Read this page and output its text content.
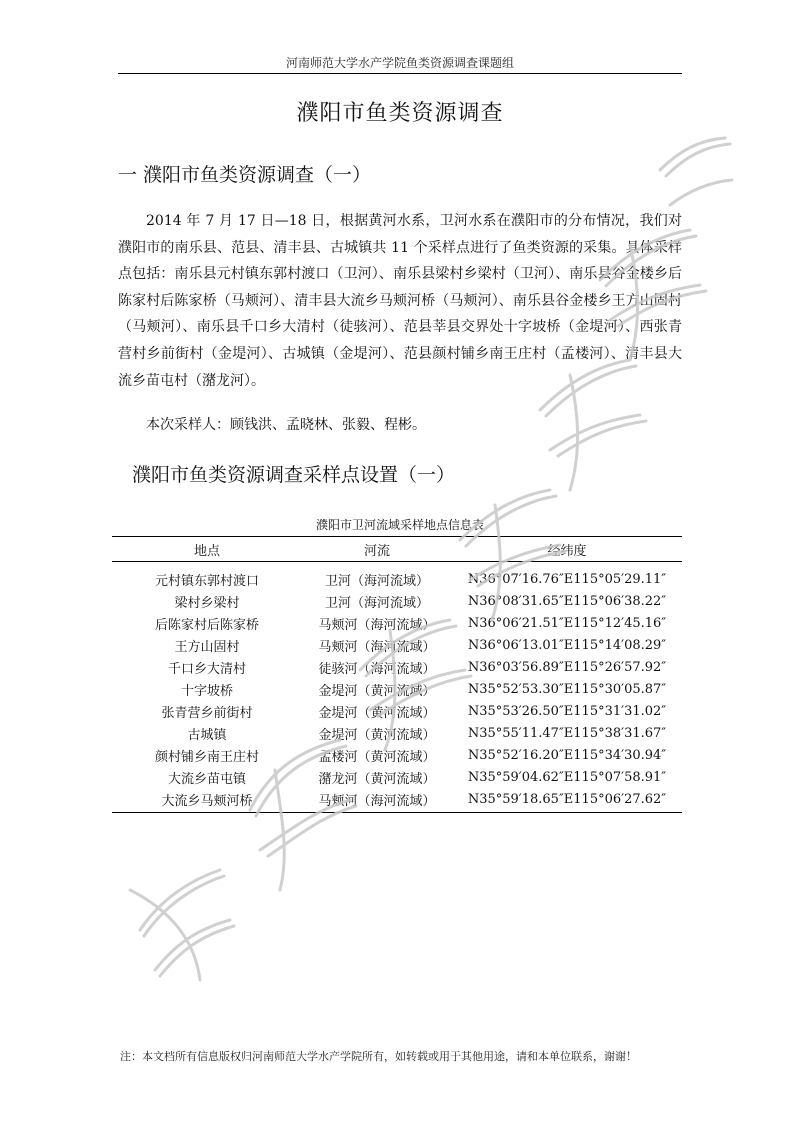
河南师范大学水产学院鱼类资源调查课题组
濮阳市鱼类资源调查
一 濮阳市鱼类资源调查（一）
2014 年 7 月 17 日—18 日，根据黄河水系，卫河水系在濮阳市的分布情况，我们对濮阳市的南乐县、范县、清丰县、古城镇共 11 个采样点进行了鱼类资源的采集。具体采样点包括：南乐县元村镇东郭村渡口（卫河）、南乐县梁村乡梁村（卫河）、南乐县谷金楼乡后陈家村后陈家桥（马颊河）、清丰县大流乡马颊河桥（马颊河）、南乐县谷金楼乡王方山固村（马颊河）、南乐县千口乡大清村（徒骇河）、范县莘县交界处十字坡桥（金堤河）、西张青营村乡前街村（金堤河）、古城镇（金堤河）、范县颜村铺乡南王庄村（孟楼河）、清丰县大流乡苗屯村（潴龙河）。
本次采样人：顾钱洪、孟晓林、张毅、程彬。
濮阳市鱼类资源调查采样点设置（一）
濮阳市卫河流域采样地点信息表
地点	河流	经纬度
元村镇东郭村渡口	卫河（海河流域）	N36°07′16.76″E115°05′29.11″
梁村乡梁村	卫河（海河流域）	N36°08′31.65″E115°06′38.22″
后陈家村后陈家桥	马颊河（海河流域）	N36°06′21.51″E115°12′45.16″
王方山固村	马颊河（海河流域）	N36°06′13.01″E115°14′08.29″
千口乡大清村	徒骇河（海河流域）	N36°03′56.89″E115°26′57.92″
十字坡桥	金堤河（黄河流域）	N35°52′53.30″E115°30′05.87″
张青营乡前街村	金堤河（黄河流域）	N35°53′26.50″E115°31′31.02″
古城镇	金堤河（黄河流域）	N35°55′11.47″E115°38′31.67″
颜村铺乡南王庄村	孟楼河（黄河流域）	N35°52′16.20″E115°34′30.94″
大流乡苗屯镇	潴龙河（黄河流域）	N35°59′04.62″E115°07′58.91″
大流乡马颊河桥	马颊河（海河流域）	N35°59′18.65″E115°06′27.62″
注：本文档所有信息版权归河南师范大学水产学院所有，如转载或用于其他用途，请和本单位联系，谢谢！
